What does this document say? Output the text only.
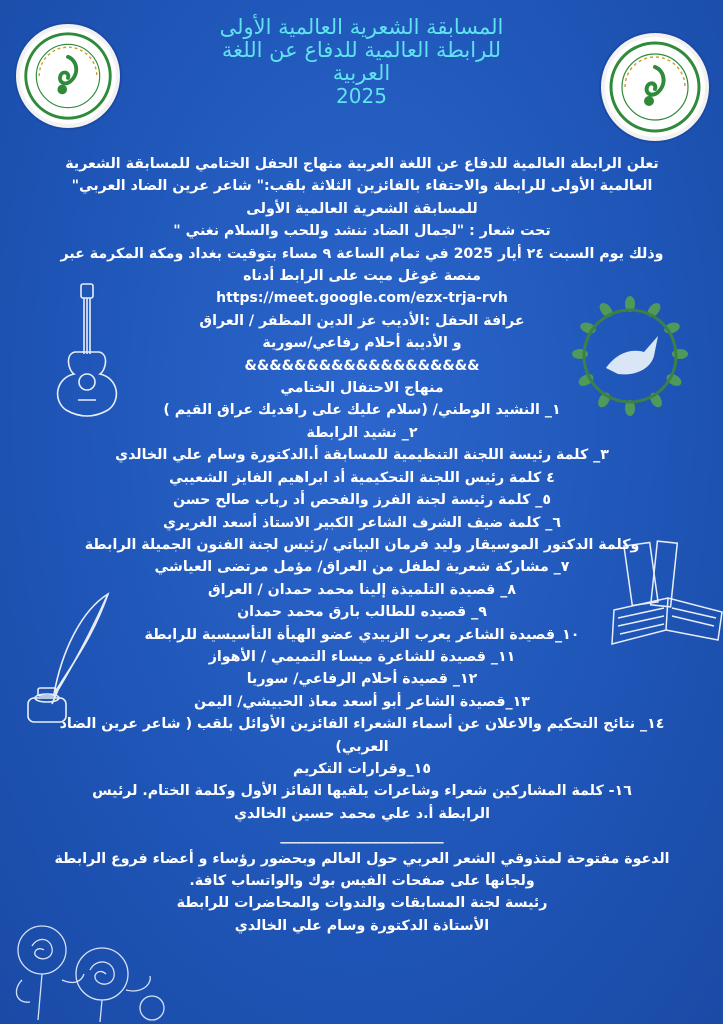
المسابقة الشعرية العالمية الأولى
للرابطة العالمية للدفاع عن اللغة
العربية
2025
تعلن الرابطة العالمية للدفاع عن اللغة العربية منهاج الحفل الختامي للمسابقة الشعرية
العالمية الأولى للرابطة والاحتفاء بالفائزين الثلاثة بلقب:" شاعر عرين الضاد العربي"
للمسابقة الشعرية العالمية الأولى
تحت شعار : "لجمال الضاد ننشد وللحب والسلام نغني "
وذلك يوم السبت ٢٤ أيار 2025 في تمام الساعة ٩ مساء بتوقيت بغداد ومكة المكرمة عبر
منصة غوغل ميت على الرابط أدناه
https://meet.google.com/ezx-trja-rvh
عرافة الحفل :الأديب عز الدين المظفر / العراق
و الأديبة أحلام رفاعي/سورية
&&&&&&&&&&&&&&&&&&&
منهاج الاحتفال الختامي
١_ النشيد الوطني/ (سلام عليك على رافديك عراق القيم )
٢_ نشيد الرابطة
٣_ كلمة رئيسة اللجنة التنظيمية للمسابقة أ.الدكتورة وسام علي الخالدي
٤ كلمة رئيس اللجنة التحكيمية أد ابراهيم الفايز الشعيبي
٥_ كلمة رئيسة لجنة الفرز والفحص أد رباب صالح حسن
٦_ كلمة ضيف الشرف الشاعر الكبير الاستاذ أسعد الغريري
وكلمة الدكتور الموسيقار وليد فرمان البياتي /رئيس لجنة الفنون الجميلة الرابطة
٧_ مشاركة شعرية لطفل من العراق/ مؤمل مرتضى العياشي
٨_ قصيدة التلميذة إلينا محمد حمدان / العراق
٩_ قصيده للطالب بارق محمد حمدان
١٠_قصيدة الشاعر يعرب الزبيدي عضو الهيأة التأسيسية للرابطة
١١_ قصيدة للشاعرة ميساء التميمي / الأهواز
١٢_ قصيدة أحلام الرفاعي/ سوريا
١٣_قصيدة الشاعر أبو أسعد معاذ الحبيشي/ اليمن
١٤_ نتائج التحكيم والاعلان عن أسماء الشعراء الفائزين الأوائل بلقب ( شاعر عرين الضاد
العربي)
١٥_وقرارات التكريم
١٦- كلمة المشاركين شعراء وشاعرات يلقيها الفائز الأول وكلمة الختام. لرئيس
الرابطة أ.د علي محمد حسين الخالدي
_______________________
الدعوة مفتوحة لمتذوقي الشعر العربي حول العالم وبحضور رؤساء و أعضاء فروع الرابطة
ولجانها على صفحات الفيس بوك والواتساب كافة.
رئيسة لجنة المسابقات والندوات والمحاضرات للرابطة
الأستاذة الدكتورة وسام علي الخالدي
